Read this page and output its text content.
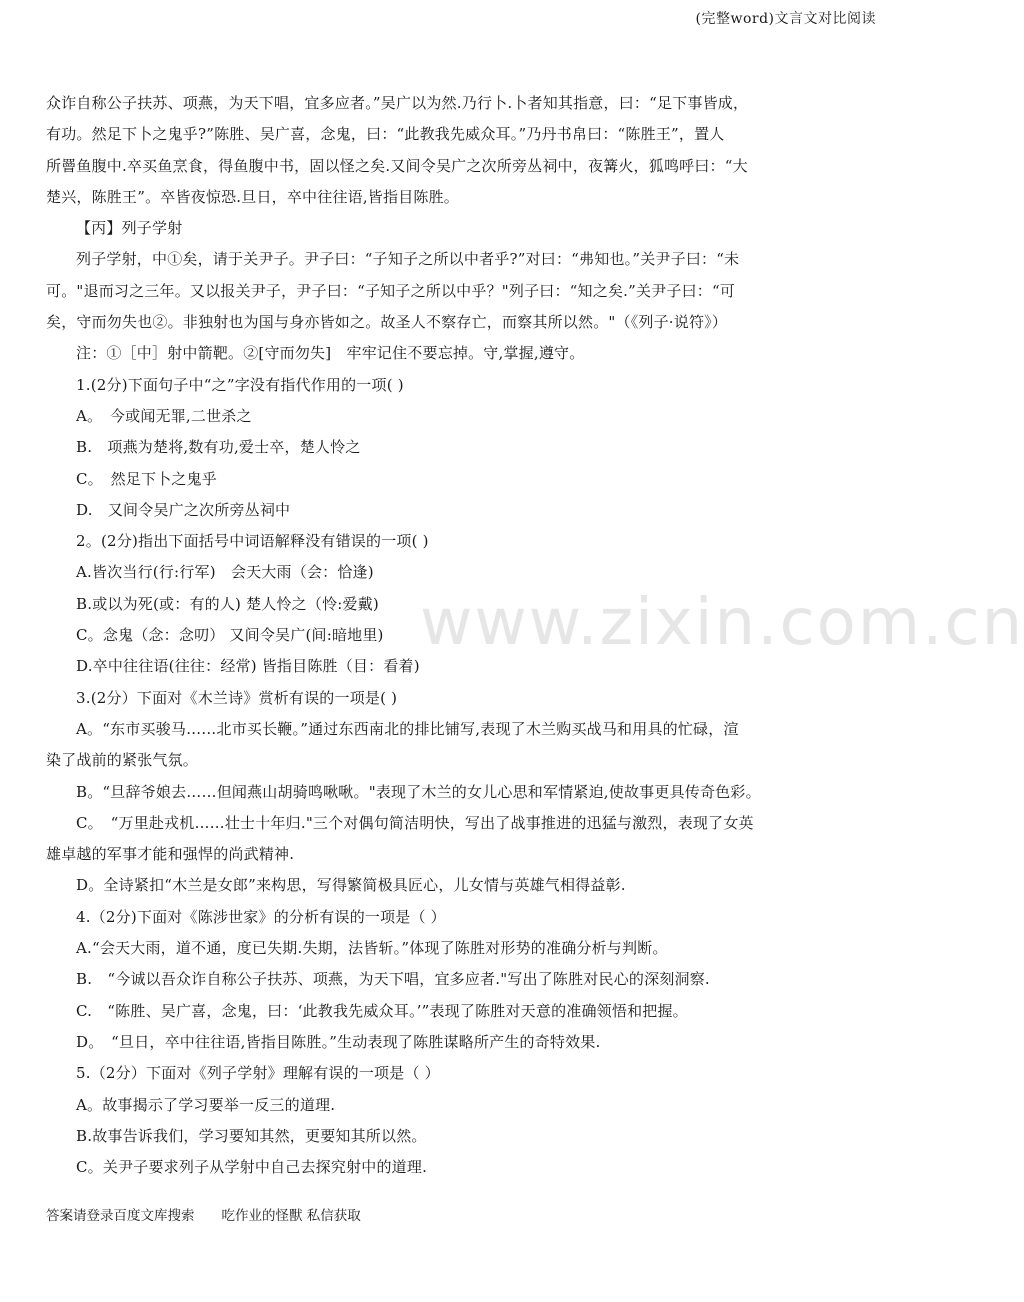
www.zixin.com.cn
(完整word)文言文对比阅读

众诈自称公子扶苏、项燕，为天下唱，宜多应者。”吴广以为然.乃行卜.卜者知其指意，曰：“足下事皆成，

有功。然足下卜之鬼乎?”陈胜、吴广喜，念鬼，曰：“此教我先威众耳。”乃丹书帛曰：“陈胜王”，置人

所罾鱼腹中.卒买鱼烹食，得鱼腹中书，固以怪之矣.又间令吴广之次所旁丛祠中，夜篝火，狐鸣呼曰：“大

楚兴，陈胜王”。卒皆夜惊恐.旦日，卒中往往语,皆指目陈胜。

【丙】列子学射

列子学射，中①矣，请于关尹子。尹子曰：“子知子之所以中者乎?”对曰：“弗知也。”关尹子曰：“未

可。"退而习之三年。又以报关尹子，尹子曰：“子知子之所以中乎？"列子曰：“知之矣.”关尹子曰：“可

矣，守而勿失也②。非独射也为国与身亦皆如之。故圣人不察存亡，而察其所以然。"（《列子·说符》）

注：①［中］射中箭靶。②[守而勿失]　牢牢记住不要忘掉。守,掌握,遵守。

1.(2分)下面句子中“之”字没有指代作用的一项( )

A。　今或闻无罪,二世杀之

B.　项燕为楚将,数有功,爱士卒，楚人怜之

C。　然足下卜之鬼乎

D.　又间令吴广之次所旁丛祠中

2。(2分)指出下面括号中词语解释没有错误的一项( )

A.皆次当行(行:行军)　会天大雨（会：恰逢)

B.或以为死(或：有的人) 楚人怜之（怜:爱戴)

C。念鬼（念：念叨） 又间令吴广(间:暗地里)

D.卒中往往语(往往：经常) 皆指目陈胜（目：看着)

3.(2分）下面对《木兰诗》赏析有误的一项是( )

A。“东市买骏马……北市买长鞭。”通过东西南北的排比铺写,表现了木兰购买战马和用具的忙碌，渲

染了战前的紧张气氛。

B。“旦辞爷娘去……但闻燕山胡骑鸣啾啾。"表现了木兰的女儿心思和军情紧迫,使故事更具传奇色彩。

C。　“万里赴戎机……壮士十年归."三个对偶句简洁明快，写出了战事推进的迅猛与激烈，表现了女英

雄卓越的军事才能和强悍的尚武精神.

D。全诗紧扣“木兰是女郎”来构思，写得繁简极具匠心，儿女情与英雄气相得益彰.

4.（2分)下面对《陈涉世家》的分析有误的一项是（ ）

A.“会天大雨，道不通，度已失期.失期，法皆斩。”体现了陈胜对形势的准确分析与判断。

B.　“今诚以吾众诈自称公子扶苏、项燕，为天下唱，宜多应者."写出了陈胜对民心的深刻洞察.

C.　“陈胜、吴广喜，念鬼，曰：‘此教我先威众耳。’”表现了陈胜对天意的准确领悟和把握。

D。　“旦日，卒中往往语,皆指目陈胜。”生动表现了陈胜谋略所产生的奇特效果.

5.（2分）下面对《列子学射》理解有误的一项是（ ）

A。故事揭示了学习要举一反三的道理.

B.故事告诉我们，学习要知其然，更要知其所以然。

C。关尹子要求列子从学射中自己去探究射中的道理.

答案请登录百度文库搜索　　吃作业的怪獸 私信获取
